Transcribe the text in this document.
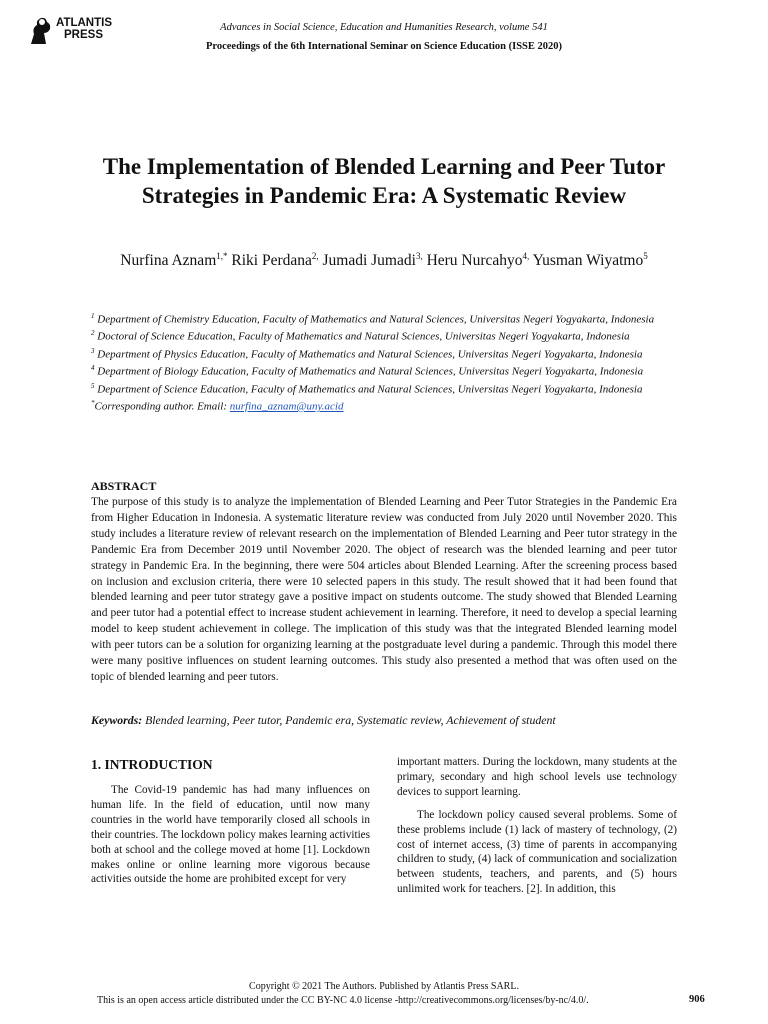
ATLANTIS
PRESS
Advances in Social Science, Education and Humanities Research, volume 541
Proceedings of the 6th International Seminar on Science Education (ISSE 2020)
The Implementation of Blended Learning and Peer Tutor Strategies in Pandemic Era: A Systematic Review
Nurfina Aznam$^{1,*}$ Riki Perdana$^{2,}$ Jumadi Jumadi$^{3,}$ Heru Nurcahyo$^{4,}$ Yusman Wiyatmo$^5$
$^1$ Department of Chemistry Education, Faculty of Mathematics and Natural Sciences, Universitas Negeri Yogyakarta, Indonesia
$^2$ Doctoral of Science Education, Faculty of Mathematics and Natural Sciences, Universitas Negeri Yogyakarta, Indonesia
$^3$ Department of Physics Education, Faculty of Mathematics and Natural Sciences, Universitas Negeri Yogyakarta, Indonesia
$^4$ Department of Biology Education, Faculty of Mathematics and Natural Sciences, Universitas Negeri Yogyakarta, Indonesia
$^5$ Department of Science Education, Faculty of Mathematics and Natural Sciences, Universitas Negeri Yogyakarta, Indonesia
*Corresponding author. Email: nurfina_aznam@uny.acid
ABSTRACT

The purpose of this study is to analyze the implementation of Blended Learning and Peer Tutor Strategies in the Pandemic Era from Higher Education in Indonesia. A systematic literature review was conducted from July 2020 until November 2020. This study includes a literature review of relevant research on the implementation of Blended Learning and Peer tutor strategy in the Pandemic Era from December 2019 until November 2020. The object of research was the blended learning and peer tutor strategy in Pandemic Era. In the beginning, there were 504 articles about Blended Learning. After the screening process based on inclusion and exclusion criteria, there were 10 selected papers in this study. The result showed that it had been found that blended learning and peer tutor strategy gave a positive impact on students outcome. The study showed that Blended Learning and peer tutor had a potential effect to increase student achievement in learning. Therefore, it need to develop a special learning model to keep student achievement in college. The implication of this study was that the integrated Blended learning model with peer tutors can be a solution for organizing learning at the postgraduate level during a pandemic. Through this model there were many positive influences on student learning outcomes. This study also presented a method that was often used on the topic of blended learning and peer tutors.

Keywords: Blended learning, Peer tutor, Pandemic era, Systematic review, Achievement of student
1. INTRODUCTION

The Covid-19 pandemic has had many influences on human life. In the field of education, until now many countries in the world have temporarily closed all schools in their countries. The lockdown policy makes learning activities both at school and the college moved at home [1]. Lockdown makes online or online learning more vigorous because activities outside the home are prohibited except for very

important matters. During the lockdown, many students at the primary, secondary and high school levels use technology devices to support learning.

The lockdown policy caused several problems. Some of these problems include (1) lack of mastery of technology, (2) cost of internet access, (3) time of parents in accompanying children to study, (4) lack of communication and socialization between students, teachers, and parents, and (5) hours unlimited work for teachers. [2]. In addition, this

Copyright © 2021 The Authors. Published by Atlantis Press SARL.
This is an open access article distributed under the CC BY-NC 4.0 license -http://creativecommons.org/licenses/by-nc/4.0/.	906
